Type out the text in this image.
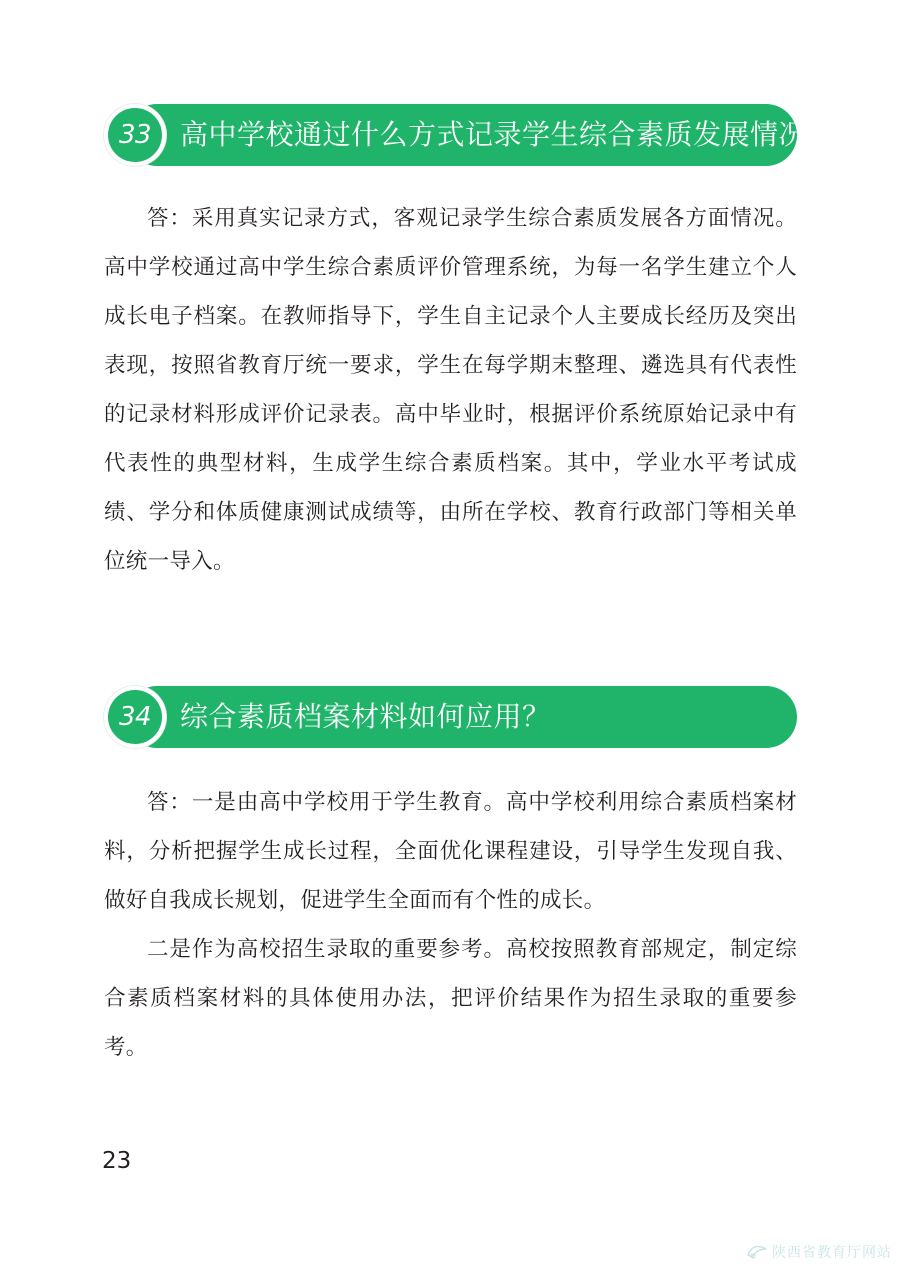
33	高中学校通过什么方式记录学生综合素质发展情况？

答：采用真实记录方式，客观记录学生综合素质发展各方面情况。高中学校通过高中学生综合素质评价管理系统，为每一名学生建立个人成长电子档案。在教师指导下，学生自主记录个人主要成长经历及突出表现，按照省教育厅统一要求，学生在每学期末整理、遴选具有代表性的记录材料形成评价记录表。高中毕业时，根据评价系统原始记录中有代表性的典型材料，生成学生综合素质档案。其中，学业水平考试成绩、学分和体质健康测试成绩等，由所在学校、教育行政部门等相关单位统一导入。

34	综合素质档案材料如何应用？

答：一是由高中学校用于学生教育。高中学校利用综合素质档案材料，分析把握学生成长过程，全面优化课程建设，引导学生发现自我、做好自我成长规划，促进学生全面而有个性的成长。

二是作为高校招生录取的重要参考。高校按照教育部规定，制定综合素质档案材料的具体使用办法，把评价结果作为招生录取的重要参考。

23
陕西省教育厅网站
